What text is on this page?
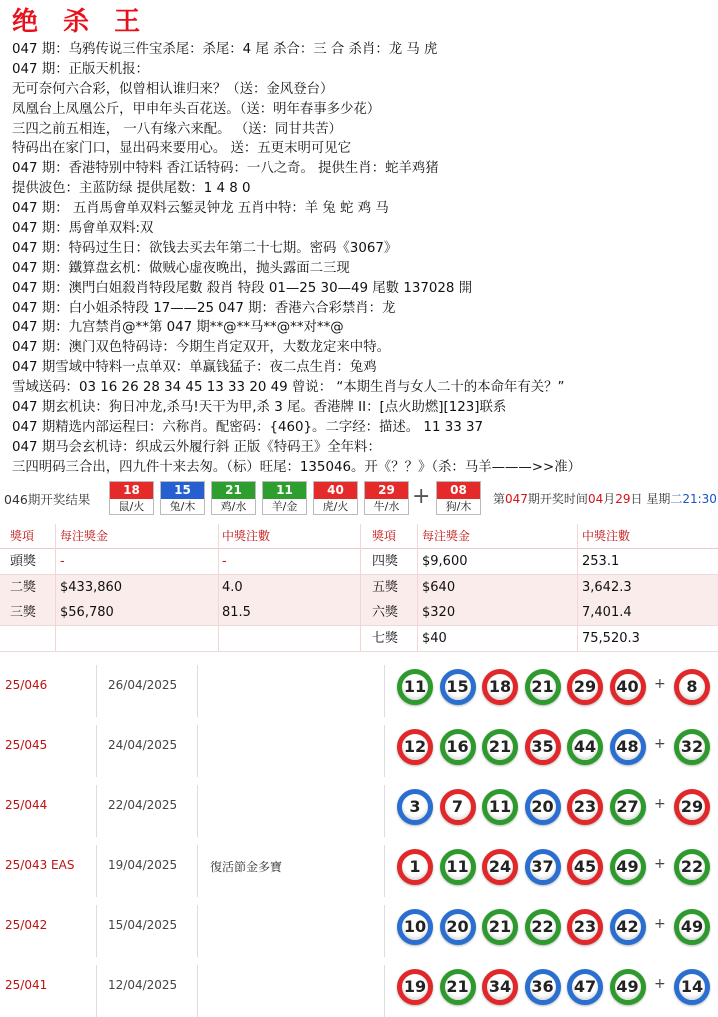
绝 杀 王
047 期：乌鸦传说三件宝杀尾：杀尾：4 尾 杀合：三 合 杀肖：龙 马 虎
047 期：正版天机报：
无可奈何六合彩，似曾相认谁归来？（送：金风登台）
凤凰台上凤凰公斤，甲申年头百花送。（送：明年春事多少花）
三四之前五相连， 一八有缘六来配。 （送：同甘共苦）
特码出在家门口，显出码来要用心。 送：五更末明可见它
047 期：香港特别中特料 香江话特码：一八之奇。 提供生肖：蛇羊鸡猪
提供波色：主蓝防绿 提供尾数：1 4 8 0
047 期： 五肖馬會单双料云錾灵钟龙 五肖中特：羊 兔 蛇 鸡 马
047 期：馬會单双料:双
047 期：特码过生日：欲钱去买去年第二十七期。密码《3067》
047 期：鐵算盘玄机：做贼心虚夜晚出，抛头露面二三现
047 期：澳門白姐殺肖特段尾數 殺肖 特段 01—25 30—49 尾數 137028 開
047 期：白小姐杀特段 17——25 047 期：香港六合彩禁肖：龙
047 期：九宫禁肖@**第 047 期**@**马**@**对**@
047 期：澳门双色特码诗：今期生肖定双开，大数龙定来中特。
047 期雪域中特料一点单双：单赢钱猛子：夜二点生肖：兔鸡
雪域送码：03 16 26 28 34 45 13 33 20 49 曾说： “本期生肖与女人二十的本命年有关？”
047 期玄机诀：狗日冲龙,杀马!天干为甲,杀 3 尾。香港牌 II：[点火助燃][123]联系
047 期精选内部运程曰：六称肖。配密码：{460}。二字经：描述。 11 33 37
047 期马会玄机诗：织成云外履行斜 正版《特码王》全年料：
三四明码三合出，四九件十来去匆。（标）旺尾：135046。开《？？》（杀：马羊———>>准）
046期开奖结果
18
鼠/火
15
兔/木
21
鸡/水
11
羊/金
40
虎/火
29
牛/水 +	08
狗/木
第047期开奖时间04月29日 星期二21:30
獎項 每注獎金	中獎注數	獎項 每注獎金	中獎注數
頭獎 -	-
二獎 $433,860	4.0
三獎 $56,780	81.5
四獎 $9,600	253.1
五獎 $640	3,642.3
六獎 $320	7,401.4
七獎 $40	75,520.3
25/046	26/04/2025	11	15	18	21	29	40	+	8
25/045	24/04/2025	12	16	21	35	44	48	+ 32
25/044	22/04/2025	3	7	11	20	23	27	+ 29
25/043 EAS	19/04/2025	復活節金多寶	1	11	24	37	45	49	+ 22
25/042	15/04/2025	10	20	21	22	23	42	+ 49
25/041	12/04/2025	19	21	34	36	47	49	+ 14
